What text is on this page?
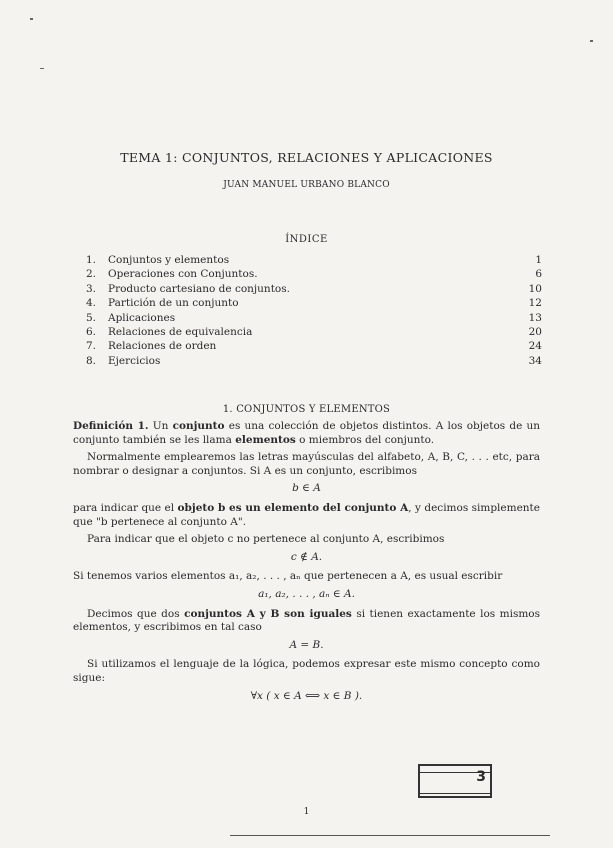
TEMA 1: CONJUNTOS, RELACIONES Y APLICACIONES
JUAN MANUEL URBANO BLANCO
ÍNDICE
1.	Conjuntos y elementos	1
2.	Operaciones con Conjuntos.	6
3.	Producto cartesiano de conjuntos.	10
4.	Partición de un conjunto	12
5.	Aplicaciones	13
6.	Relaciones de equivalencia	20
7.	Relaciones de orden	24
8.	Ejercicios	34
1. CONJUNTOS Y ELEMENTOS

Definición 1. Un conjunto es una colección de objetos distintos. A los objetos de un conjunto también se les llama elementos o miembros del conjunto.

Normalmente emplearemos las letras mayúsculas del alfabeto, A, B, C, . . . etc, para nombrar o designar a conjuntos. Si A es un conjunto, escribimos

b ∈ A

para indicar que el objeto b es un elemento del conjunto A, y decimos simplemente que "b pertenece al conjunto A".

Para indicar que el objeto c no pertenece al conjunto A, escribimos

c ∉ A.

Si tenemos varios elementos a₁, a₂, . . . , aₙ que pertenecen a A, es usual escribir

a₁, a₂, . . . , aₙ ∈ A.

Decimos que dos conjuntos A y B son iguales si tienen exactamente los mismos elementos, y escribimos en tal caso

A = B.

Si utilizamos el lenguaje de la lógica, podemos expresar este mismo concepto como sigue:

∀x ( x ∈ A ⟺ x ∈ B ).
1
3
